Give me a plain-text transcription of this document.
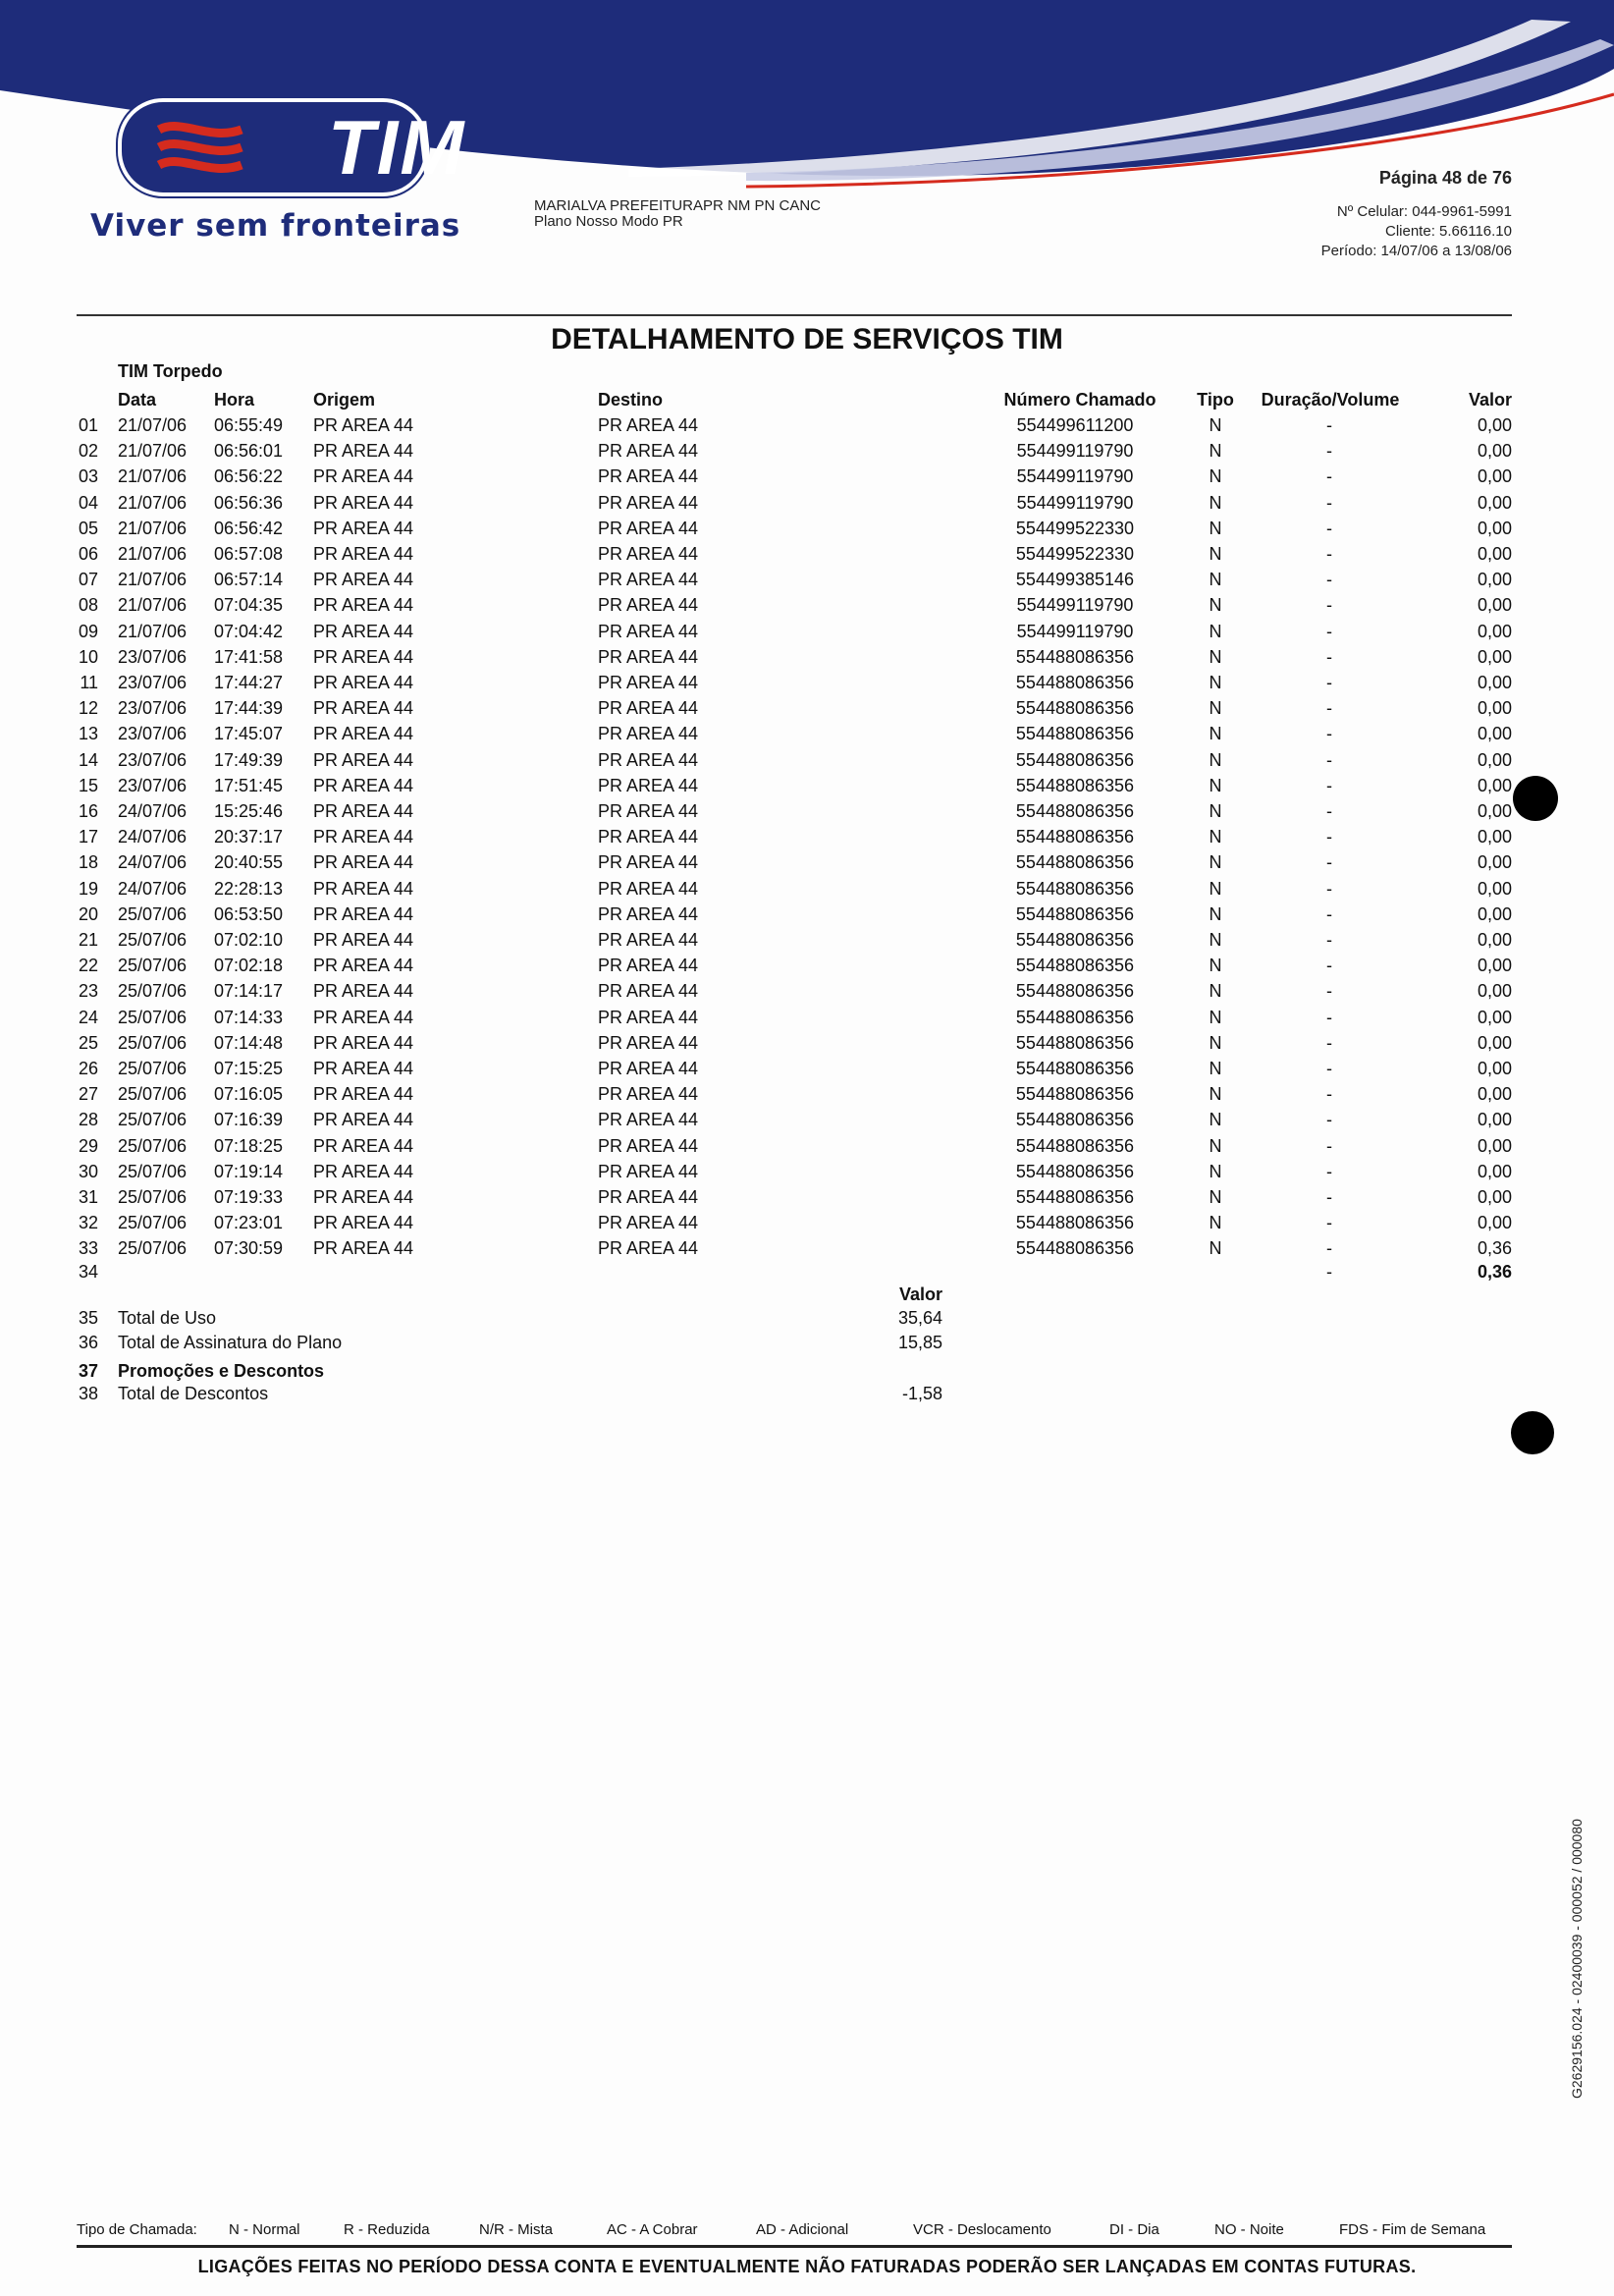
TIM
Viver sem fronteiras
MARIALVA PREFEITURAPR NM PN CANC
Plano Nosso Modo PR
Página 48 de 76
Nº Celular: 044-9961-5991
Cliente: 5.66116.10
Período: 14/07/06 a 13/08/06
DETALHAMENTO DE SERVIÇOS TIM
TIM Torpedo
Data	Hora	Origem	Destino	Número Chamado	Tipo	Duração/Volume	Valor
01 21/07/06 06:55:49 PR AREA 44	PR AREA 44	554499611200	N	-	0,00
02 21/07/06 06:56:01 PR AREA 44	PR AREA 44	554499119790	N	-	0,00
03 21/07/06 06:56:22 PR AREA 44	PR AREA 44	554499119790	N	-	0,00
04 21/07/06 06:56:36 PR AREA 44	PR AREA 44	554499119790	N	-	0,00
05 21/07/06 06:56:42 PR AREA 44	PR AREA 44	554499522330	N	-	0,00
06 21/07/06 06:57:08 PR AREA 44	PR AREA 44	554499522330	N	-	0,00
07 21/07/06 06:57:14 PR AREA 44	PR AREA 44	554499385146	N	-	0,00
08 21/07/06 07:04:35 PR AREA 44	PR AREA 44	554499119790	N	-	0,00
09 21/07/06 07:04:42 PR AREA 44	PR AREA 44	554499119790	N	-	0,00
10 23/07/06 17:41:58 PR AREA 44	PR AREA 44	554488086356	N	-	0,00
11 23/07/06 17:44:27 PR AREA 44	PR AREA 44	554488086356	N	-	0,00
12 23/07/06 17:44:39 PR AREA 44	PR AREA 44	554488086356	N	-	0,00
13 23/07/06 17:45:07 PR AREA 44	PR AREA 44	554488086356	N	-	0,00
14 23/07/06 17:49:39 PR AREA 44	PR AREA 44	554488086356	N	-	0,00
15 23/07/06 17:51:45 PR AREA 44	PR AREA 44	554488086356	N	-	0,00
16 24/07/06 15:25:46 PR AREA 44	PR AREA 44	554488086356	N	-	0,00
17 24/07/06 20:37:17 PR AREA 44	PR AREA 44	554488086356	N	-	0,00
18 24/07/06 20:40:55 PR AREA 44	PR AREA 44	554488086356	N	-	0,00
19 24/07/06 22:28:13 PR AREA 44	PR AREA 44	554488086356	N	-	0,00
20 25/07/06 06:53:50 PR AREA 44	PR AREA 44	554488086356	N	-	0,00
21 25/07/06 07:02:10 PR AREA 44	PR AREA 44	554488086356	N	-	0,00
22 25/07/06 07:02:18 PR AREA 44	PR AREA 44	554488086356	N	-	0,00
23 25/07/06 07:14:17 PR AREA 44	PR AREA 44	554488086356	N	-	0,00
24 25/07/06 07:14:33 PR AREA 44	PR AREA 44	554488086356	N	-	0,00
25 25/07/06 07:14:48 PR AREA 44	PR AREA 44	554488086356	N	-	0,00
26 25/07/06 07:15:25 PR AREA 44	PR AREA 44	554488086356	N	-	0,00
27 25/07/06 07:16:05 PR AREA 44	PR AREA 44	554488086356	N	-	0,00
28 25/07/06 07:16:39 PR AREA 44	PR AREA 44	554488086356	N	-	0,00
29 25/07/06 07:18:25 PR AREA 44	PR AREA 44	554488086356	N	-	0,00
30 25/07/06 07:19:14 PR AREA 44	PR AREA 44	554488086356	N	-	0,00
31 25/07/06 07:19:33 PR AREA 44	PR AREA 44	554488086356	N	-	0,00
32 25/07/06 07:23:01 PR AREA 44	PR AREA 44	554488086356	N	-	0,00
33 25/07/06 07:30:59 PR AREA 44	PR AREA 44	554488086356	N	-	0,36
34	-	0,36
Valor
35 Total de Uso	35,64
36 Total de Assinatura do Plano	15,85
37 Promoções e Descontos
38 Total de Descontos	-1,58
G2629156.024 - 02400039 - 000052 / 000080
Tipo de Chamada: N - Normal	R - Reduzida	N/R - Mista	AC - A Cobrar	AD - Adicional	VCR - Deslocamento	DI - Dia	NO - Noite	FDS - Fim de Semana
LIGAÇÕES FEITAS NO PERÍODO DESSA CONTA E EVENTUALMENTE NÃO FATURADAS PODERÃO SER LANÇADAS EM CONTAS FUTURAS.
